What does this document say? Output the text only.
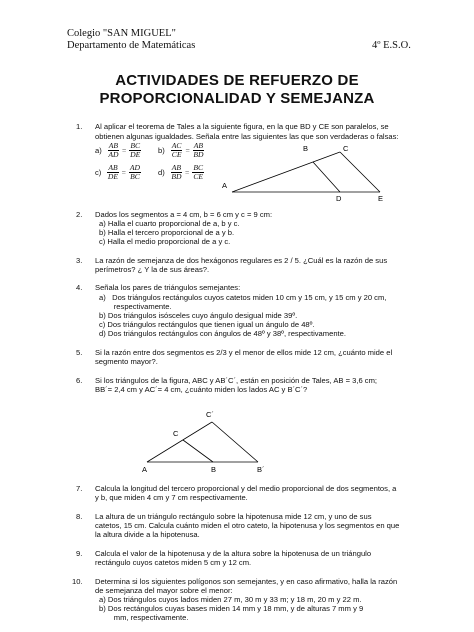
Colegio "SAN MIGUEL"
Departamento de Matemáticas	4º E.S.O.
ACTIVIDADES DE REFUERZO DE
PROPORCIONALIDAD Y SEMEJANZA
1. Al aplicar el teorema de Tales a la siguiente figura, en la que BD y CE son paralelos, se obtienen algunas igualdades. Señala entre las siguientes las que son verdaderas o falsas:
$a) \frac{AB}{AD} = \frac{BC}{DE} b) \frac{AC}{CE} = \frac{AB}{BD}$
$c) \frac{AB}{DE} = \frac{AD}{BC} d) \frac{AB}{BD} = \frac{BC}{CE}$
A
B	C
D	E
2. Dados los segmentos a = 4 cm, b = 6 cm y c = 9 cm:
a) Halla el cuarto proporcional de a, b y c.
b) Halla el tercero proporcional de a y b.
c) Halla el medio proporcional de a y c.
3. La razón de semejanza de dos hexágonos regulares es 2 / 5. ¿Cuál es la razón de sus
perímetros? ¿ Y la de sus áreas?.
4. Señala los pares de triángulos semejantes:
a)   Dos triángulos rectángulos cuyos catetos miden 10 cm y 15 cm, y 15 cm y 20 cm,
respectivamente.
b) Dos triángulos isósceles cuyo ángulo desigual mide 39º.
c) Dos triángulos rectángulos que tienen igual un ángulo de 48º.
d) Dos triángulos rectángulos con ángulos de 48º y 38º, respectivamente.
5. Si la razón entre dos segmentos es 2/3 y el menor de ellos mide 12 cm, ¿cuánto mide el
segmento mayor?.
6. Si los triángulos de la figura, ABC y AB´C´, están en posición de Tales, AB = 3,6 cm;
BB´= 2,4 cm y AC´= 4 cm, ¿cuánto miden los lados AC y B´C´?
A	B	B´
C
C´
7. Calcula la longitud del tercero proporcional y del medio proporcional de dos segmentos, a
y b, que miden 4 cm y 7 cm respectivamente.
8. La altura de un triángulo rectángulo sobre la hipotenusa mide 12 cm, y uno de sus
catetos, 15 cm. Calcula cuánto miden el otro cateto, la hipotenusa y los segmentos en que
la altura divide a la hipotenusa.
9. Calcula el valor de la hipotenusa y de la altura sobre la hipotenusa de un triángulo
rectángulo cuyos catetos miden 5 cm y 12 cm.
10. Determina si los siguientes polígonos son semejantes, y en caso afirmativo, halla la razón
de semejanza del mayor sobre el menor:
a) Dos triángulos cuyos lados miden 27 m, 30 m y 33 m; y 18 m, 20 m y 22 m.
b) Dos rectángulos cuyas bases miden 14 mm y 18 mm, y de alturas 7 mm y 9
mm, respectivamente.
